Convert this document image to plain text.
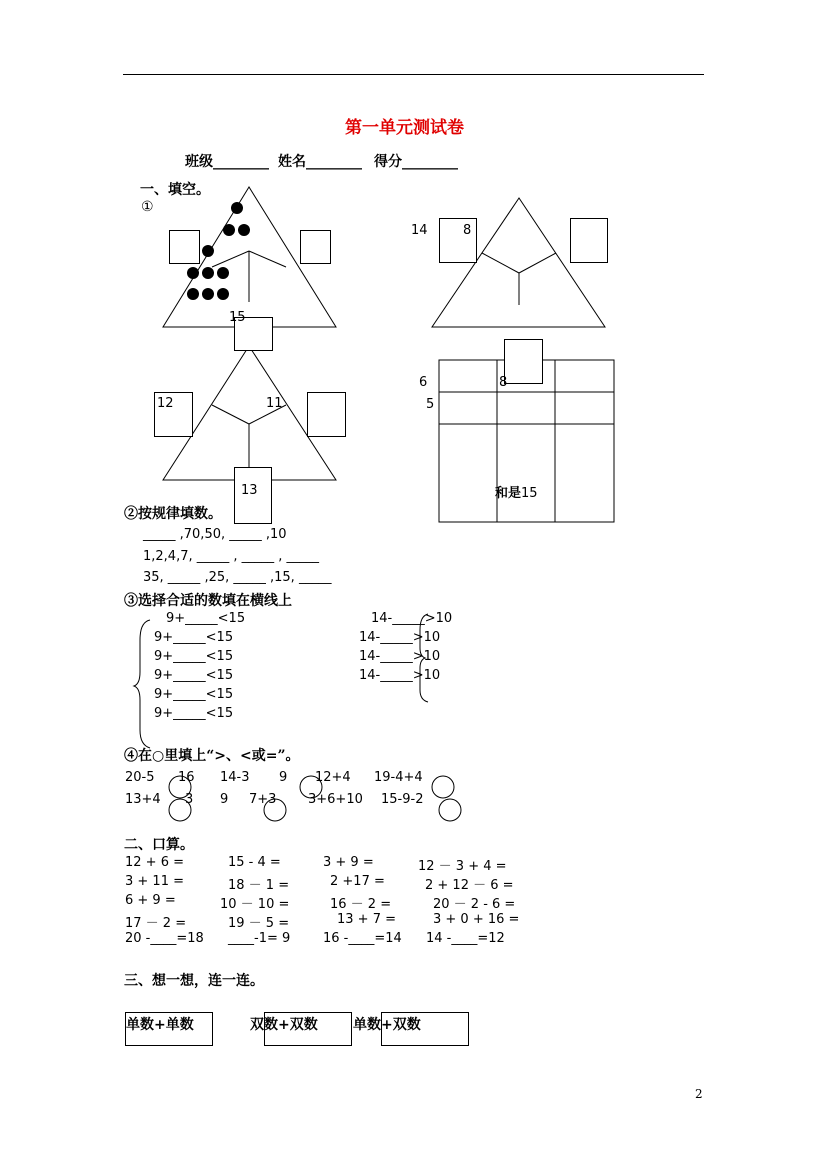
第一单元测试卷
班级________ 姓名________ 得分________
一、填空。
①
14	8
15
12	11
13
6
5
8
和是15
②按规律填数。
_____ ,70,50, _____ ,10
1,2,4,7, _____ , _____ , _____
35, _____ ,25, _____ ,15, _____
③选择合适的数填在横线上
9+_____<15
9+_____<15
9+_____<15
9+_____<15
9+_____<15
9+_____<15
14-_____>10
14-_____>10
14-_____>10
14-_____>10
④在○里填上“>、<或=”。
20-5 16 14-3 9 12+4 19-4+4
13+4 3 9 7+3 3+6+10 15-9-2
二、口算。
12 + 6 =	15 - 4 =	3 + 9 =	12 － 3 + 4 =
3 + 11 =	18 － 1 =	2 +17 =	2 + 12 － 6 =
6 + 9 =	10 － 10 =	16 － 2 =	20 － 2 - 6 =
17 － 2 =	19 － 5 =	13 + 7 =	3 + 0 + 16 =
20 -____=18 ____-1= 9	16 -____=14 14 -____=12
三、想一想，连一连。
单数+单数	双数+双数	单数+双数
2
